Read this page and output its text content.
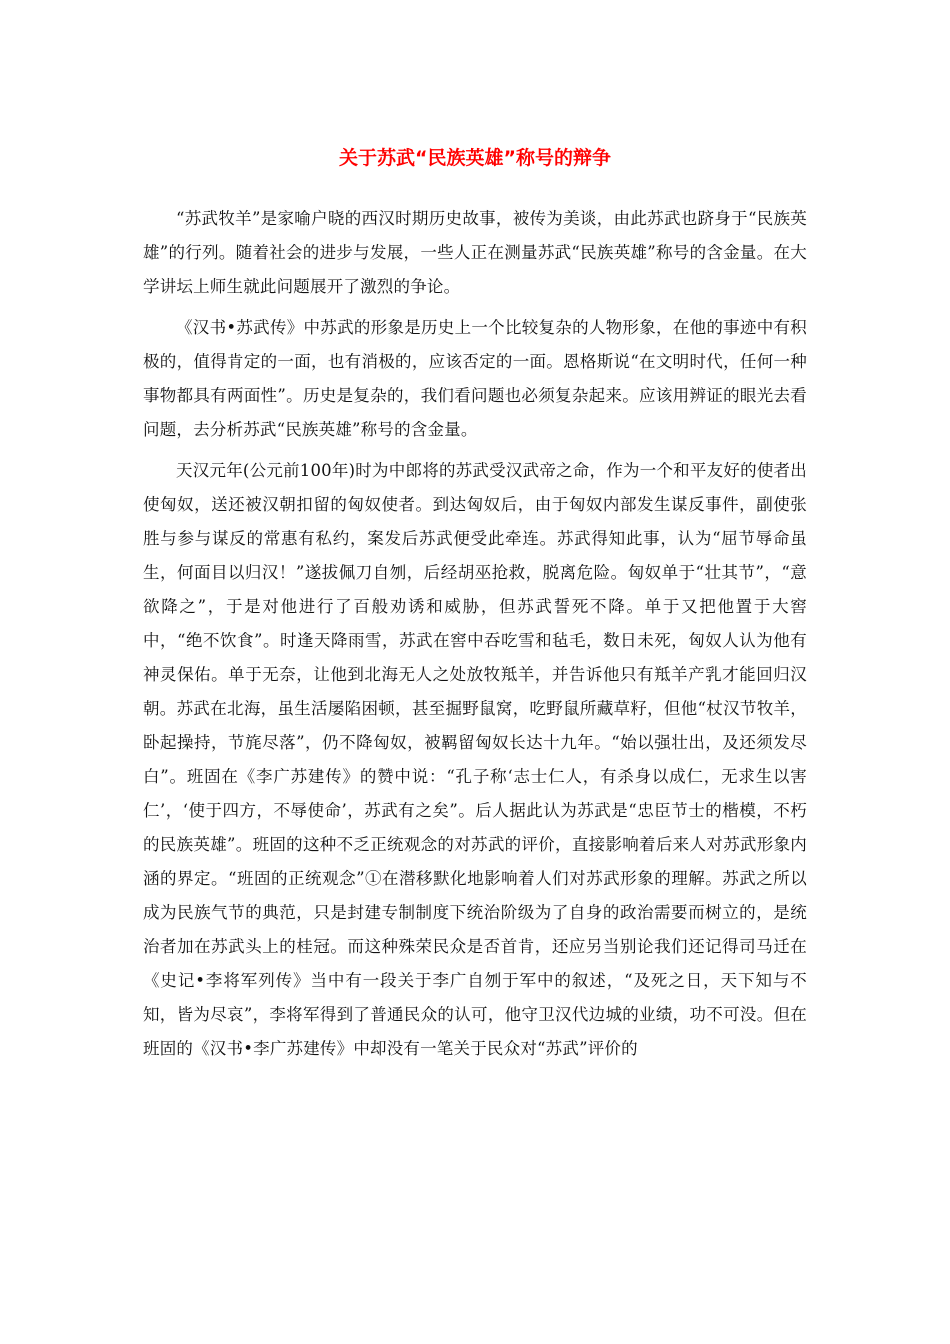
关于苏武“民族英雄”称号的辩争

“苏武牧羊”是家喻户晓的西汉时期历史故事，被传为美谈，由此苏武也跻身于“民族英雄”的行列。随着社会的进步与发展，一些人正在测量苏武“民族英雄”称号的含金量。在大学讲坛上师生就此问题展开了激烈的争论。

《汉书•苏武传》中苏武的形象是历史上一个比较复杂的人物形象，在他的事迹中有积极的，值得肯定的一面，也有消极的，应该否定的一面。恩格斯说“在文明时代，任何一种事物都具有两面性”。历史是复杂的，我们看问题也必须复杂起来。应该用辨证的眼光去看问题，去分析苏武“民族英雄”称号的含金量。

天汉元年(公元前100年)时为中郎将的苏武受汉武帝之命，作为一个和平友好的使者出使匈奴，送还被汉朝扣留的匈奴使者。到达匈奴后，由于匈奴内部发生谋反事件，副使张胜与参与谋反的常惠有私约，案发后苏武便受此牵连。苏武得知此事，认为“屈节辱命虽生，何面目以归汉！”遂拔佩刀自刎，后经胡巫抢救，脱离危险。匈奴单于“壮其节”，“意欲降之”，于是对他进行了百般劝诱和威胁，但苏武誓死不降。单于又把他置于大窖中，“绝不饮食”。时逢天降雨雪，苏武在窖中吞吃雪和毡毛，数日未死，匈奴人认为他有神灵保佑。单于无奈，让他到北海无人之处放牧羝羊，并告诉他只有羝羊产乳才能回归汉朝。苏武在北海，虽生活屡陷困顿，甚至掘野鼠窝，吃野鼠所藏草籽，但他“杖汉节牧羊，卧起操持，节旄尽落”，仍不降匈奴，被羁留匈奴长达十九年。“始以强壮出，及还须发尽白”。班固在《李广苏建传》的赞中说：“孔子称‘志士仁人，有杀身以成仁，无求生以害仁’，‘使于四方，不辱使命’，苏武有之矣”。后人据此认为苏武是“忠臣节士的楷模，不朽的民族英雄”。班固的这种不乏正统观念的对苏武的评价，直接影响着后来人对苏武形象内涵的界定。“班固的正统观念”①在潜移默化地影响着人们对苏武形象的理解。苏武之所以成为民族气节的典范，只是封建专制制度下统治阶级为了自身的政治需要而树立的，是统治者加在苏武头上的桂冠。而这种殊荣民众是否首肯，还应另当别论我们还记得司马迁在《史记•李将军列传》当中有一段关于李广自刎于军中的叙述，“及死之日，天下知与不知，皆为尽哀”，李将军得到了普通民众的认可，他守卫汉代边城的业绩，功不可没。但在班固的《汉书•李广苏建传》中却没有一笔关于民众对“苏武”评价的
